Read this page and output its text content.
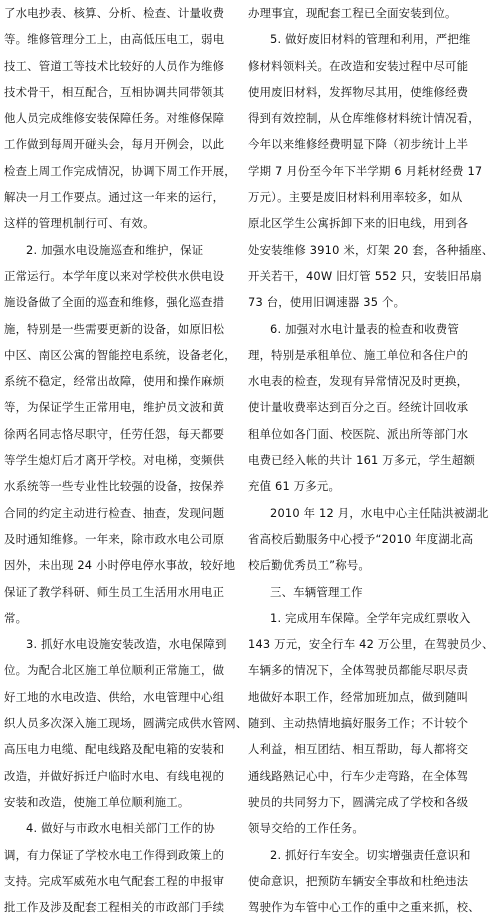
了水电抄表、核算、分析、检查、计量收费
等。维修管理分工上，由高低压电工，弱电
技工、管道工等技术比较好的人员作为维修
技术骨干，相互配合，互相协调共同带领其
他人员完成维修安装保障任务。对维修保障
工作做到每周开碰头会，每月开例会，以此
检查上周工作完成情况，协调下周工作开展，
解决一月工作要点。通过这一年来的运行，
这样的管理机制行可、有效。
2. 加强水电设施巡查和维护，保证
正常运行。本学年度以来对学校供水供电设
施设备做了全面的巡查和维修，强化巡查措
施，特别是一些需要更新的设备，如原旧松
中区、南区公寓的智能控电系统，设备老化，
系统不稳定，经常出故障，使用和操作麻烦
等，为保证学生正常用电，维护员文波和黄
徐两名同志恪尽职守，任劳任怨，每天都要
等学生熄灯后才离开学校。对电梯，变频供
水系统等一些专业性比较强的设备，按保养
合同的约定主动进行检查、抽查，发现问题
及时通知维修。一年来，除市政水电公司原
因外，未出现 24 小时停电停水事故，较好地
保证了教学科研、师生员工生活用水用电正
常。
3. 抓好水电设施安装改造，水电保障到
位。为配合北区施工单位顺利正常施工，做
好工地的水电改造、供给，水电管理中心组
织人员多次深入施工现场，圆满完成供水管网、
高压电力电缆、配电线路及配电箱的安装和
改造，并做好拆迁户临时水电、有线电视的
安装和改造，使施工单位顺利施工。
4. 做好与市政水电相关部门工作的协
调，有力保证了学校水电工作得到政策上的
支持。完成军威苑水电气配套工程的申报审
批工作及涉及配套工程相关的市政部门手续
办理事宜，现配套工程已全面安装到位。
5. 做好废旧材料的管理和利用，严把维
修材料领料关。在改造和安装过程中尽可能
使用废旧材料，发挥物尽其用，使维修经费
得到有效控制，从仓库维修材料统计情况看，
今年以来维修经费明显下降（初步统计上半
学期 7 月份至今年下半学期 6 月耗材经费 17
万元）。主要是废旧材料利用率较多，如从
原北区学生公寓拆卸下来的旧电线，用到各
处安装维修 3910 米，灯架 20 套，各种插座、
开关若干，40W 旧灯管 552 只，安装旧吊扇
73 台，使用旧调速器 35 个。
6. 加强对水电计量表的检查和收费管
理，特别是承租单位、施工单位和各住户的
水电表的检查，发现有异常情况及时更换，
使计量收费率达到百分之百。经统计回收承
租单位如各门面、校医院、派出所等部门水
电费已经入帐的共计 161 万多元，学生超额
充值 61 万多元。
2010 年 12 月，水电中心主任陆洪被湖北
省高校后勤服务中心授予“2010 年度湖北高
校后勤优秀员工”称号。
三、车辆管理工作
1. 完成用车保障。全学年完成红票收入
143 万元，安全行车 42 万公里，在驾驶员少、
车辆多的情况下，全体驾驶员都能尽职尽责
地做好本职工作，经常加班加点，做到随叫
随到、主动热情地搞好服务工作；不计较个
人利益，相互团结、相互帮助，每人都将交
通线路熟记心中，行车少走弯路，在全体驾
驶员的共同努力下，圆满完成了学校和各级
领导交给的工作任务。
2. 抓好行车安全。切实增强责任意识和
使命意识，把预防车辆安全事故和杜绝违法
驾驶作为车管中心工作的重中之重来抓，校、
